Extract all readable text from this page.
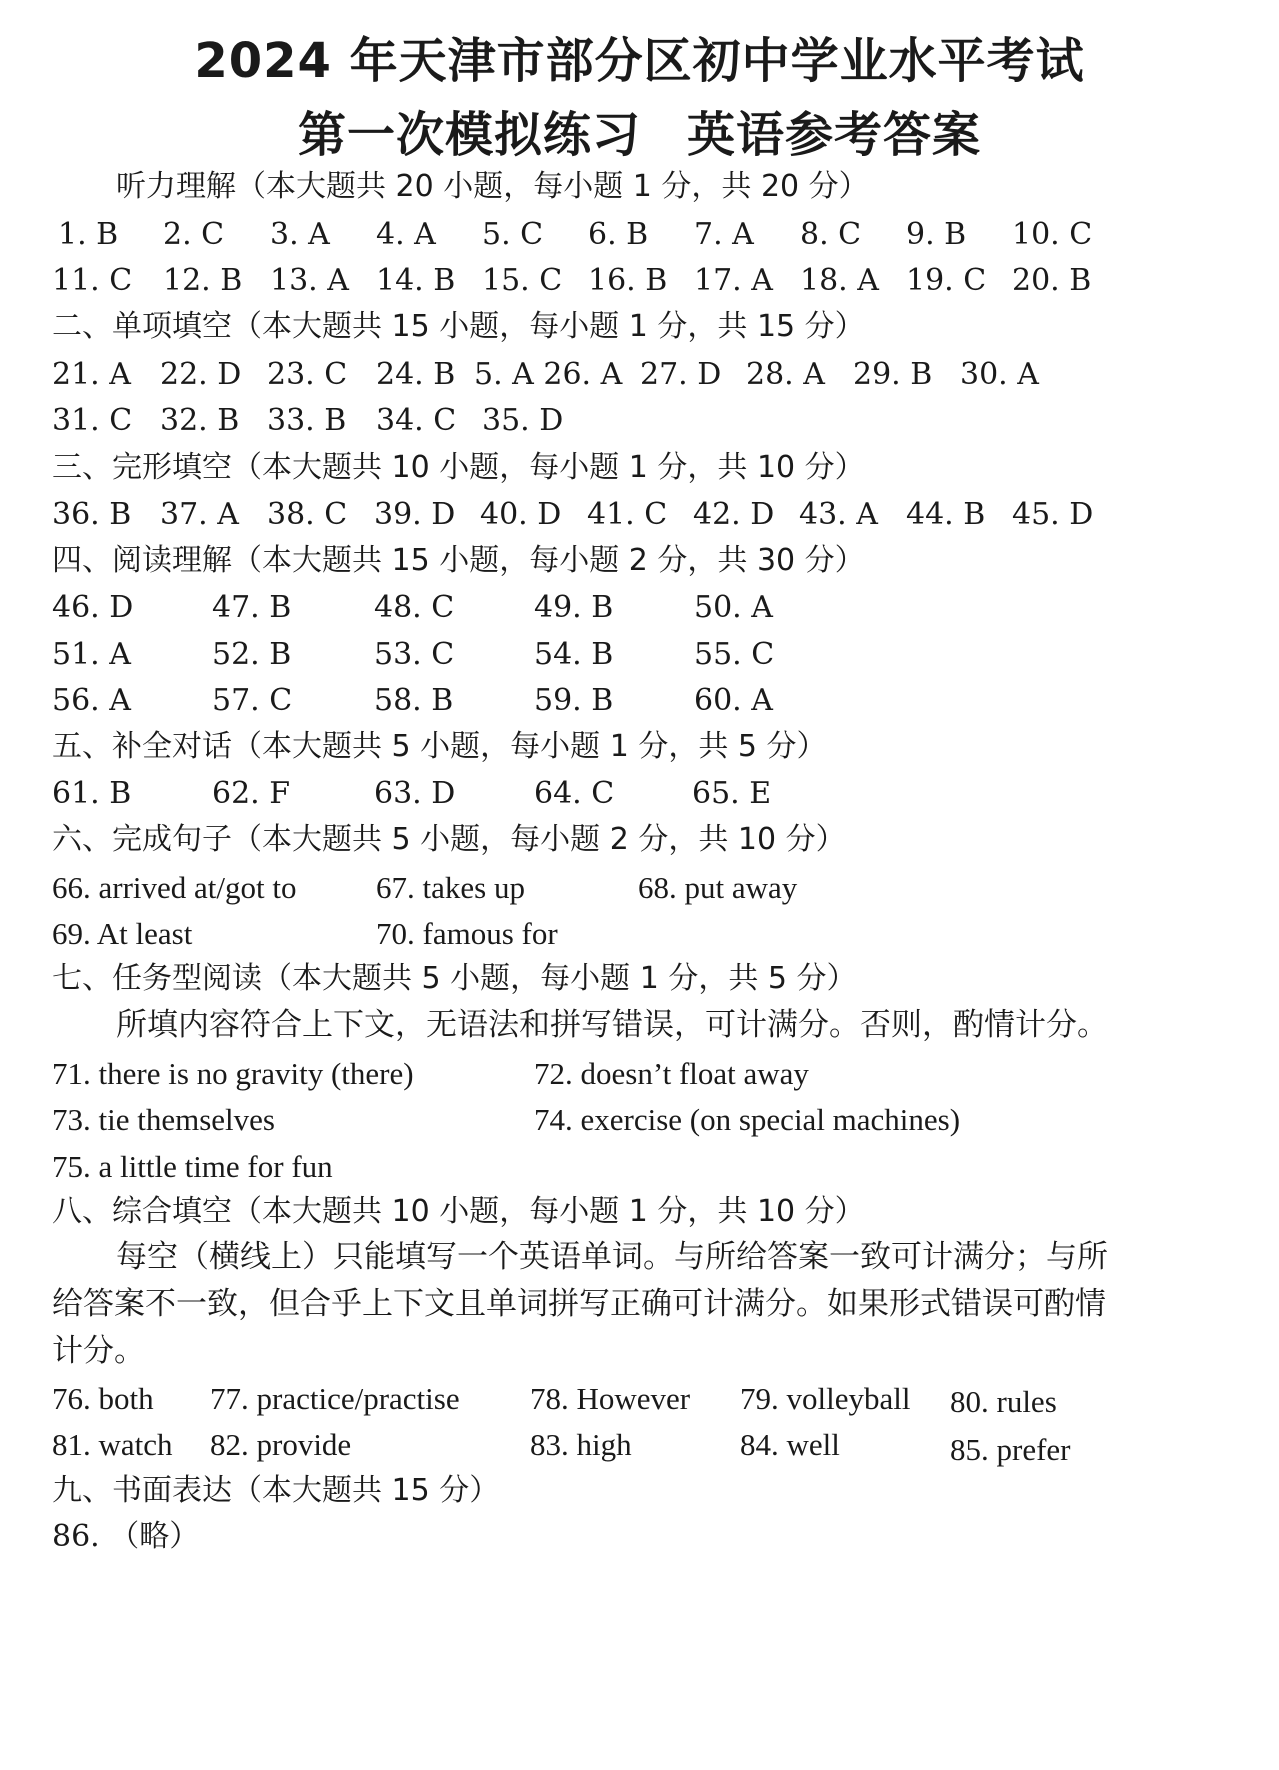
2024 年天津市部分区初中学业水平考试
第一次模拟练习 英语参考答案
听力理解（本大题共 20 小题，每小题 1 分，共 20 分）
1. B 2. C 3. A 4. A 5. C 6. B 7. A 8. C 9. B 10. C
11. C 12. B 13. A 14. B 15. C 16. B 17. A 18. A 19. C 20. B
二、单项填空（本大题共 15 小题，每小题 1 分，共 15 分）
21. A 22. D 23. C 24. B 5. A 26. A 27. D 28. A 29. B 30. A
31. C 32. B 33. B 34. C 35. D
三、完形填空（本大题共 10 小题，每小题 1 分，共 10 分）
36. B 37. A 38. C 39. D 40. D 41. C 42. D 43. A 44. B 45. D
四、阅读理解（本大题共 15 小题，每小题 2 分，共 30 分）
46. D	47. B	48. C	49. B	50. A
51. A	52. B	53. C	54. B	55. C
56. A	57. C	58. B	59. B	60. A
五、补全对话（本大题共 5 小题，每小题 1 分，共 5 分）
61. B	62. F	63. D	64. C	65. E
六、完成句子（本大题共 5 小题，每小题 2 分，共 10 分）
66. arrived at/got to	67. takes up	68. put away
69. At least	70. famous for
七、任务型阅读（本大题共 5 小题，每小题 1 分，共 5 分）
所填内容符合上下文，无语法和拼写错误，可计满分。否则，酌情计分。
71. there is no gravity (there)	72. doesn’t float away
73. tie themselves	74. exercise (on special machines)
75. a little time for fun
八、综合填空（本大题共 10 小题，每小题 1 分，共 10 分）
每空（横线上）只能填写一个英语单词。与所给答案一致可计满分；与所
给答案不一致，但合乎上下文且单词拼写正确可计满分。如果形式错误可酌情
计分。
76. both 77. practice/practise 78. However 79. volleyball 80. rules
81. watch 82. provide	83. high	84. well	85. prefer
九、书面表达（本大题共 15 分）
86. （略）
